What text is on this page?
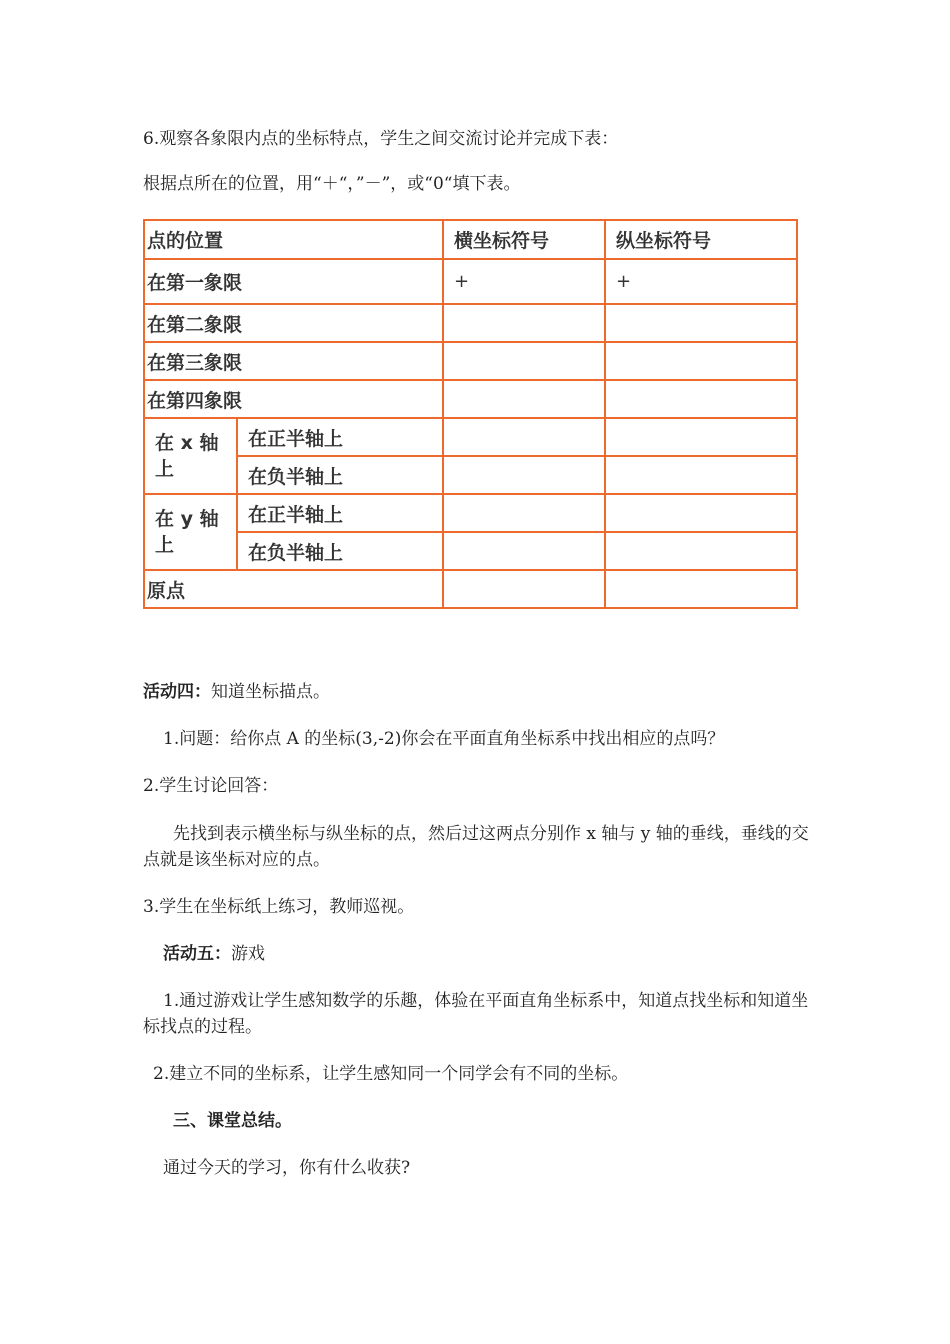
6.观察各象限内点的坐标特点，学生之间交流讨论并完成下表：
根据点所在的位置，用“＋“，”－”，或“0“填下表。
点的位置		横坐标符号	纵坐标符号
在第一象限		+	+
在第二象限			
在第三象限			
在第四象限			
在 x 轴上	在正半轴上		
	在负半轴上		
在 y 轴上	在正半轴上		
	在负半轴上		
原点			
活动四：知道坐标描点。
1.问题：给你点 A 的坐标(3,-2)你会在平面直角坐标系中找出相应的点吗？
2.学生讨论回答：
先找到表示横坐标与纵坐标的点，然后过这两点分别作 x 轴与 y 轴的垂线，垂线的交点就是该坐标对应的点。
3.学生在坐标纸上练习，教师巡视。
活动五：游戏
1.通过游戏让学生感知数学的乐趣，体验在平面直角坐标系中，知道点找坐标和知道坐标找点的过程。
2.建立不同的坐标系，让学生感知同一个同学会有不同的坐标。
三、课堂总结。
通过今天的学习，你有什么收获?
